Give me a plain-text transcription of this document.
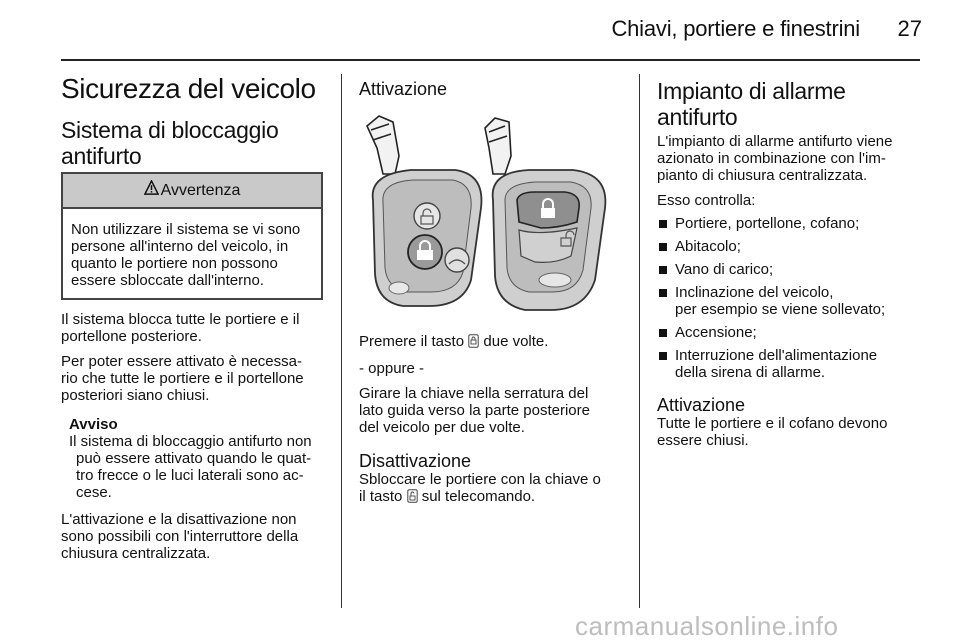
Chiavi, portiere e finestrini	27
Sicurezza del veicolo
Sistema di bloccaggio
antifurto
Avvertenza
Non utilizzare il sistema se vi sono
persone all'interno del veicolo, in
quanto le portiere non possono
essere sbloccate dall'interno.
Il sistema blocca tutte le portiere e il
portellone posteriore.
Per poter essere attivato è necessa-
rio che tutte le portiere e il portellone
posteriori siano chiusi.
Avviso
Il sistema di bloccaggio antifurto non
può essere attivato quando le quat-
tro frecce o le luci laterali sono ac-
cese.
L'attivazione e la disattivazione non
sono possibili con l'interruttore della
chiusura centralizzata.
Attivazione
Premere il tasto  due volte.
- oppure -
Girare la chiave nella serratura del
lato guida verso la parte posteriore
del veicolo per due volte.
Disattivazione
Sbloccare le portiere con la chiave o
il tasto  sul telecomando.
Impianto di allarme
antifurto
L'impianto di allarme antifurto viene
azionato in combinazione con l'im-
pianto di chiusura centralizzata.
Esso controlla:
Portiere, portellone, cofano;
Abitacolo;
Vano di carico;
Inclinazione del veicolo,
per esempio se viene sollevato;
Accensione;
Interruzione dell'alimentazione
della sirena di allarme.
Attivazione
Tutte le portiere e il cofano devono
essere chiusi.
carmanualsonline.info
